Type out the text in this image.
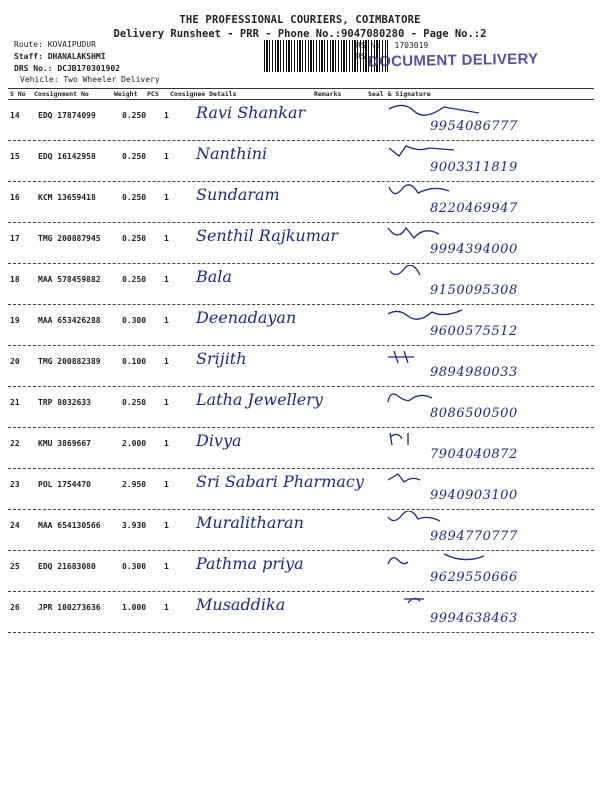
THE PROFESSIONAL COURIERS, COIMBATORE
Delivery Runsheet - PRR - Phone No.:9047080280 - Page No.:2
Route: KOVAIPUDUR
Staff: DHANALAKSHMI
DRS No.: DCJB170301902
Vehicle: Two Wheeler Delivery
RS No.: 1703019
RS DOCUMENT DELIVERY
S No Consignment No	Weight PCS Consignee Details	Remarks	Seal & Signature
14 EDQ 17874099	0.250 1 Ravi Shankar
9954086777
15 EDQ 16142958	0.250 1 Nanthini
9003311819
16 KCM 13659418	0.250 1 Sundaram
8220469947
17 TMG 200887945	0.250 1 Senthil Rajkumar
9994394000
18 MAA 578459882	0.250 1 Bala
9150095308
19 MAA 653426288	0.300 1 Deenadayan
9600575512
20 TMG 200882389	0.100 1 Srijith
9894980033
21 TRP 8032633	0.250 1 Latha Jewellery
8086500500
22 KMU 3869667	2.000 1 Divya
7904040872
23 POL 1754470	2.950 1 Sri Sabari Pharmacy
9940903100
24 MAA 654130566	3.930 1 Muralitharan
9894770777
25 EDQ 21683080	0.300 1 Pathma priya
9629550666
26 JPR 100273636	1.000 1 Musaddika
9994638463
